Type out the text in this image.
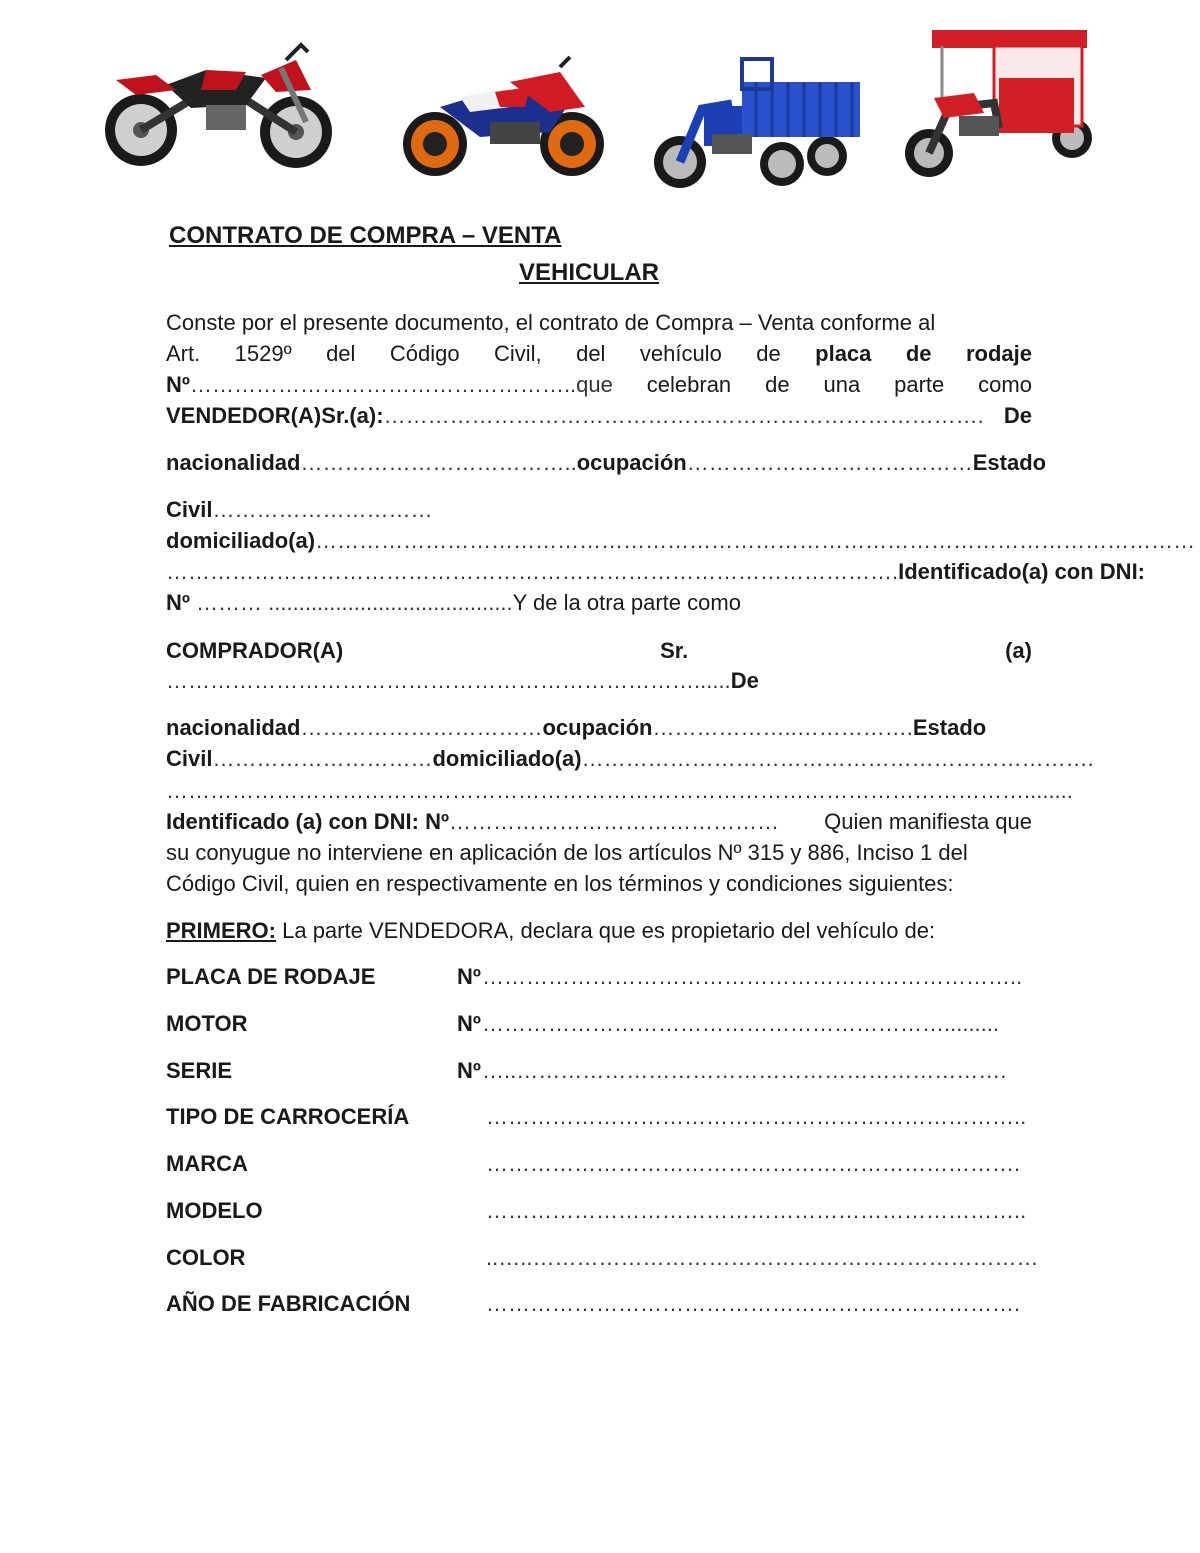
CONTRATO DE COMPRA – VENTA
VEHICULAR
Conste por el presente documento, el contrato de Compra – Venta conforme al
Art. 1529º del Código Civil, del vehículo de placa de rodaje
Nº……………………………………………..que celebran de una parte como
VENDEDOR(A)Sr.(a):………………………………………………………………………. De
nacionalidad………………………………..ocupación………………………………… Estado
Civil…………………………
domiciliado(a)…………………………………………………………………………………………………………
………………………………………………………………………………………. Identificado(a) con DNI:
Nº ……… ........................................Y de la otra parte como
COMPRADOR(A)	Sr.	(a)
………………………………………………………………......De
nacionalidad……………………………ocupación………………..…………….Estado
Civil…………………………domiciliado(a)…………………………………………………………….
………………………………………………………………………………………………………........
Identificado (a) con DNI: Nº……………………………………… Quien manifiesta que
su conyugue no interviene en aplicación de los artículos Nº 315 y 886, Inciso 1 del
Código Civil, quien en respectivamente en los términos y condiciones siguientes:
PRIMERO: La parte VENDEDORA, declara que es propietario del vehículo de:
PLACA DE RODAJE	Nº ………………………………………………………………..
MOTOR	Nº ……………………………………………………….........
SERIE	Nº …..………………………………………………………….
TIPO DE CARROCERÍA	………………………………………………………………..
MARCA	……………………………………………………………….
MODELO	………………………………………………………………..
COLOR	..…..……………………………………………………………
AÑO DE FABRICACIÓN	……………………………………………………………….
